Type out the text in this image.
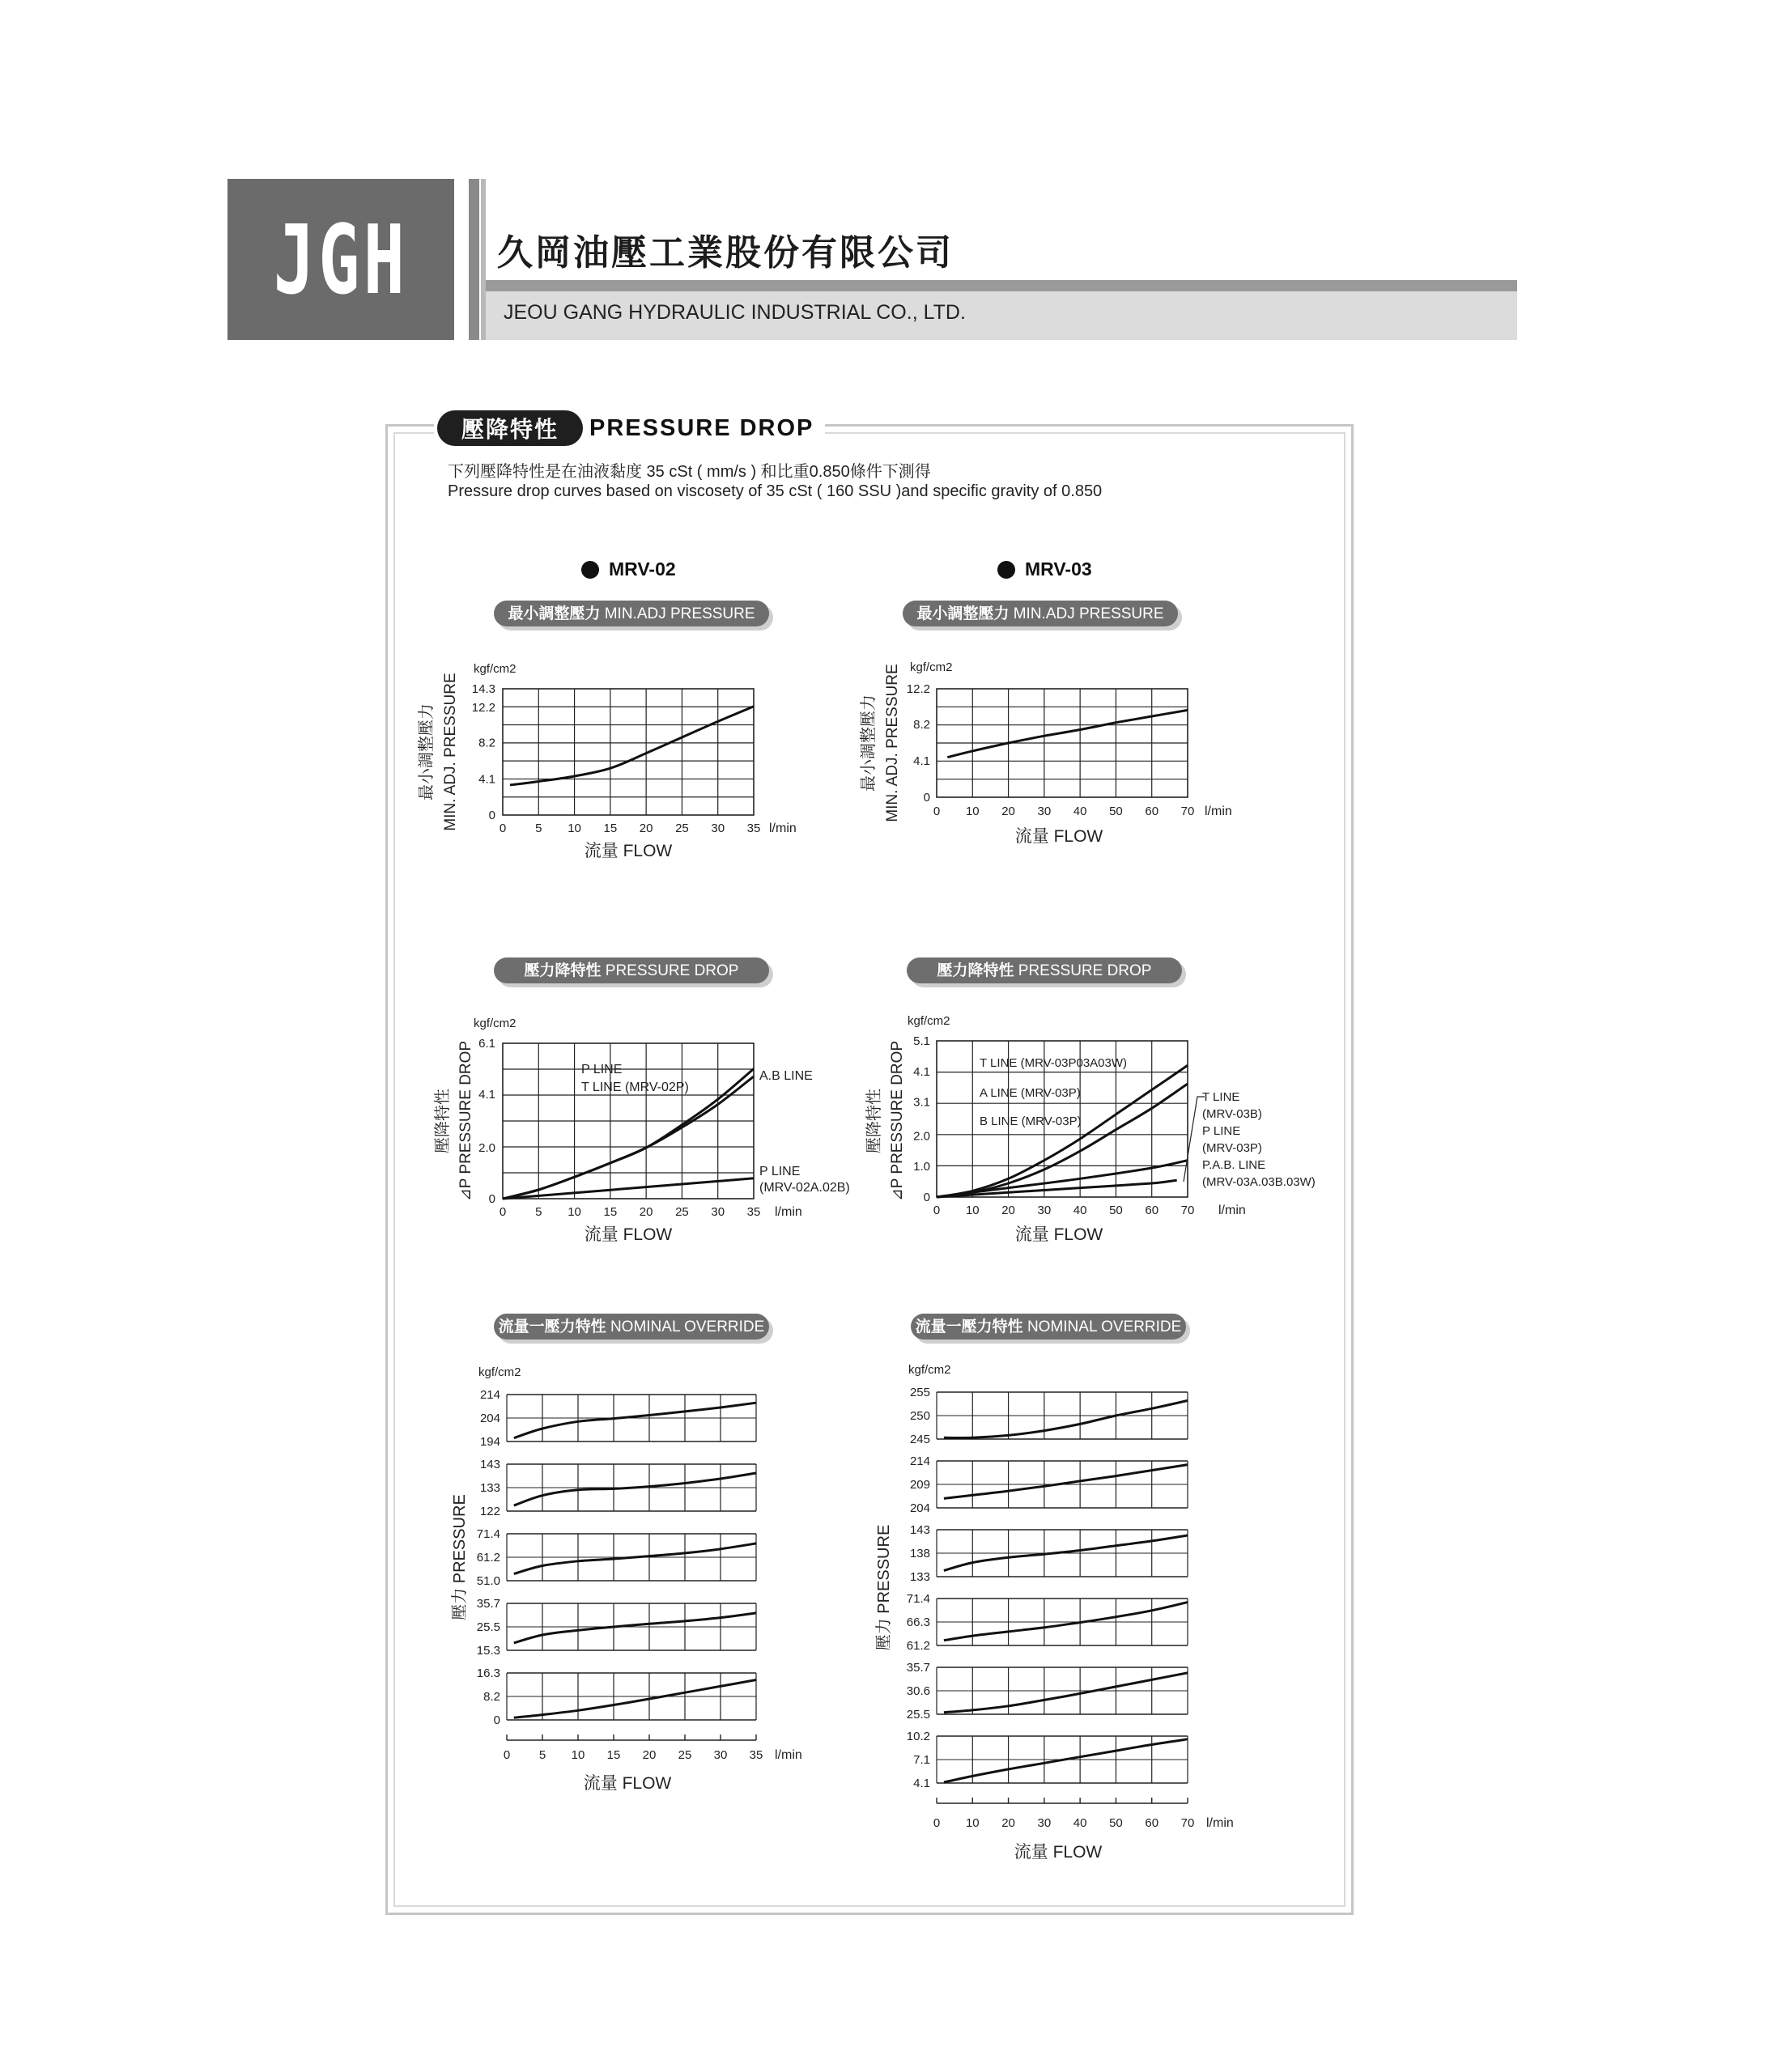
JGH	久岡油壓工業股份有限公司
JEOU GANG HYDRAULIC INDUSTRIAL CO., LTD.
壓降特性	PRESSURE DROP
下列壓降特性是在油液黏度 35 cSt ( mm/s ) 和比重0.850條件下測得
Pressure drop curves based on viscosety of 35 cSt ( 160 SSU )and specific gravity of 0.850
MRV-02	MRV-03
最小調整壓力 MIN.ADJ PRESSURE
kgf/cm2
0
4.1
8.2
12.2
14.3
0 5 10 15 20 25 30 35 l/min
流量 FLOW
最小調整壓力 MIN. ADJ. PRESSURE
最小調整壓力 MIN.ADJ PRESSURE
kgf/cm2
0
4.1
8.2
12.2
0 10 20 30 40 50 60 70 l/min
流量 FLOW
最小調整壓力 MIN. ADJ. PRESSURE
壓力降特性 PRESSURE DROP
kgf/cm2
0
2.0
4.1
6.1
P LINE
T LINE (MRV-02P)
A.B LINE
P LINE
(MRV-02A.02B)
0 5 10 15 20 25 30 35 l/min
流量 FLOW
壓降特性 ⊿P PRESSURE DROP
壓力降特性 PRESSURE DROP
kgf/cm2
0
1.0
2.0
3.1
4.1
5.1
T LINE (MRV-03P03A03W)
A LINE (MRV-03P)
B LINE (MRV-03P)
T LINE
(MRV-03B)
P LINE
(MRV-03P)
P.A.B. LINE
(MRV-03A.03B.03W)
0 10 20 30 40 50 60 70 l/min
流量 FLOW
壓降特性 ⊿P PRESSURE DROP
流量一壓力特性 NOMINAL OVERRIDE
kgf/cm2
214
204
194
143
133
122
71.4
61.2
51.0
35.7
25.5
15.3
16.3
8.2
0
0 5 10 15 20 25 30 35 l/min
流量 FLOW
壓力 PRESSURE
流量一壓力特性 NOMINAL OVERRIDE
kgf/cm2
255
250
245
214
209
204
143
138
133
71.4
66.3
61.2
35.7
30.6
25.5
10.2
7.1
4.1
0 10 20 30 40 50 60 70 l/min
流量 FLOW
壓力 PRESSURE
